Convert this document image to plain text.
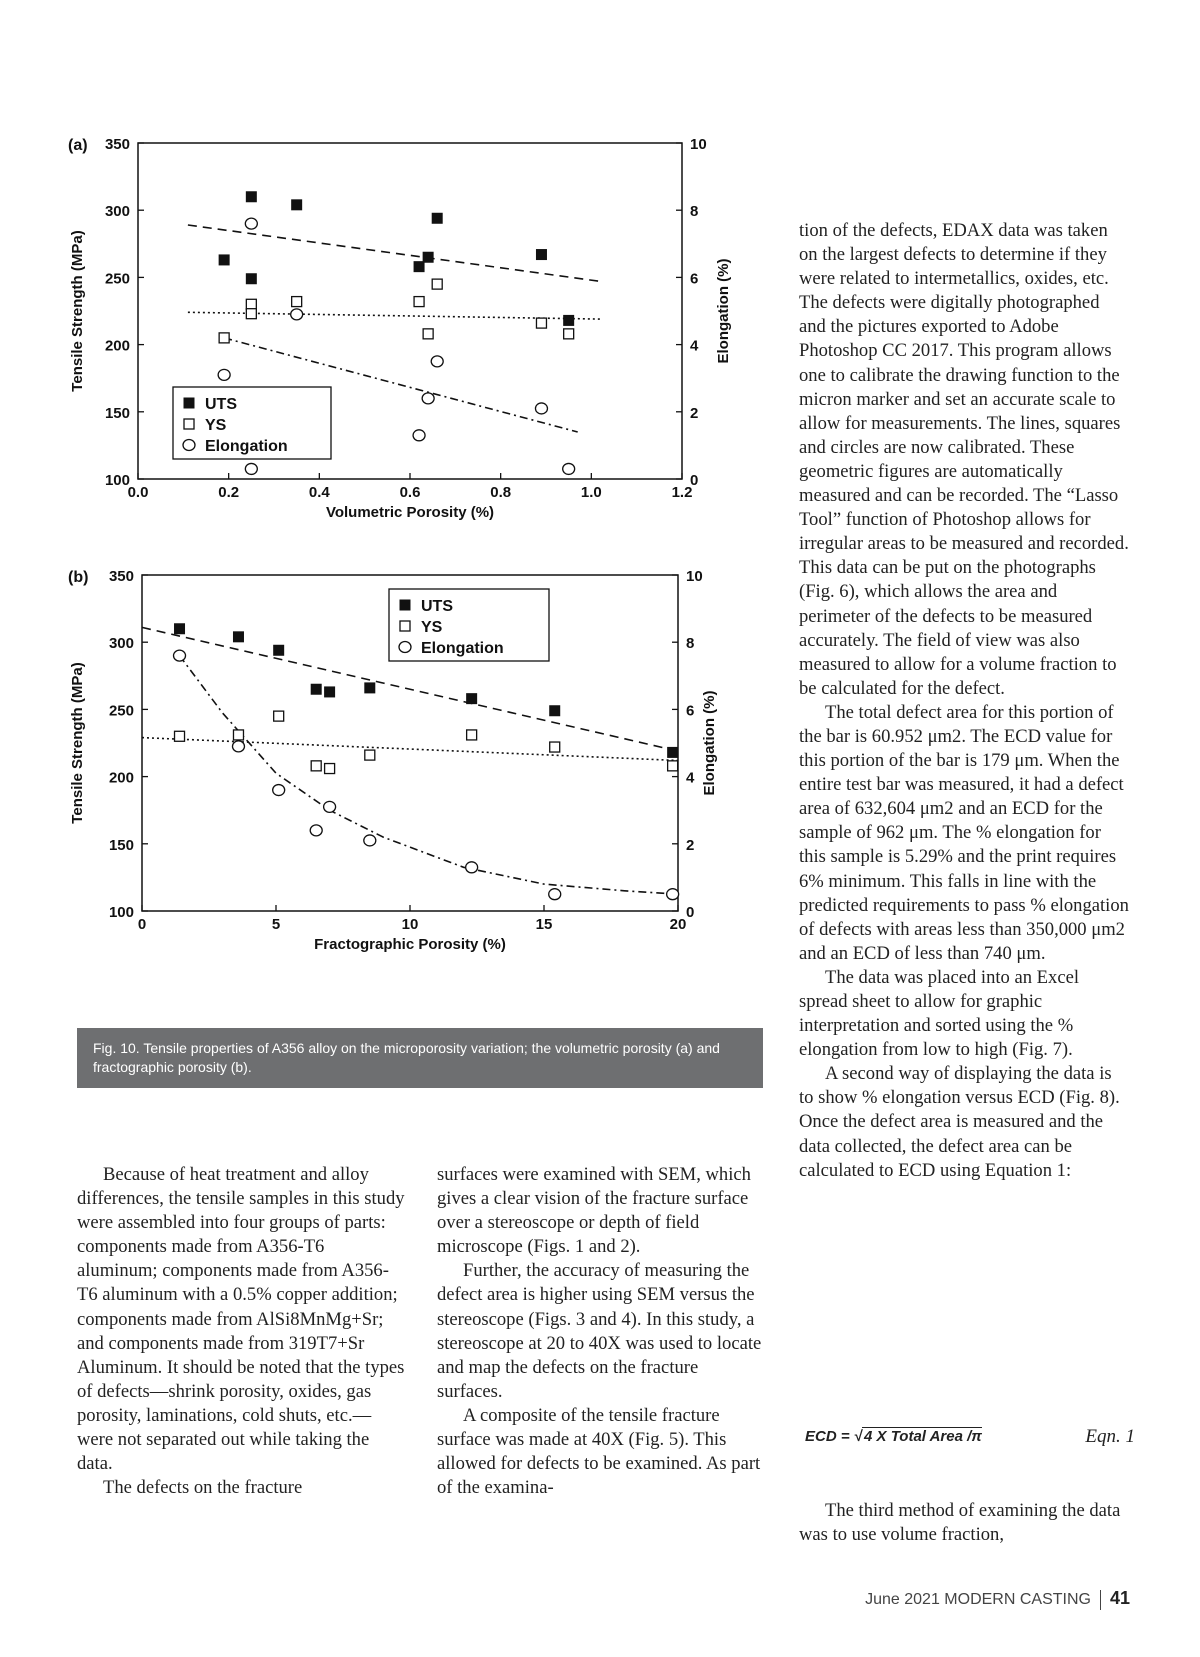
(a)
100
150
200
250
300
350
0
2
4
6
8
10
0.0	0.2	0.4	0.6	0.8	1.0	1.2
Volumetric Porosity (%)
Tensile Strength (MPa)	Elongation (%)
UTS
YS
Elongation
(b)
100
150
200
250
300
350
0
2
4
6
8
10
0	5	10	15	20
Fractographic Porosity (%)
Tensile Strength (MPa)	Elongation (%)
UTS
YS
Elongation
Fig. 10. Tensile properties of A356 alloy on the microporosity variation; the volumetric porosity (a) and fractographic porosity (b).

Because of heat treatment and alloy differences, the tensile samples in this study were assembled into four groups of parts: components made from A356-T6 aluminum; components made from A356-T6 aluminum with a 0.5% copper addition; components made from AlSi8MnMg+Sr; and components made from 319T7+Sr Aluminum. It should be noted that the types of defects—shrink porosity, oxides, gas porosity, laminations, cold shuts, etc.—were not separated out while taking the data.

The defects on the fracture

surfaces were examined with SEM, which gives a clear vision of the fracture surface over a stereoscope or depth of field microscope (Figs. 1 and 2).

Further, the accuracy of measuring the defect area is higher using SEM versus the stereoscope (Figs. 3 and 4). In this study, a stereoscope at 20 to 40X was used to locate and map the defects on the fracture surfaces.

A composite of the tensile fracture surface was made at 40X (Fig. 5). This allowed for defects to be examined. As part of the examina-

tion of the defects, EDAX data was taken on the largest defects to determine if they were related to intermetallics, oxides, etc. The defects were digitally photographed and the pictures exported to Adobe Photoshop CC 2017. This program allows one to calibrate the drawing function to the micron marker and set an accurate scale to allow for measurements. The lines, squares and circles are now calibrated. These geometric figures are automatically measured and can be recorded. The “Lasso Tool” function of Photoshop allows for irregular areas to be measured and recorded. This data can be put on the photographs (Fig. 6), which allows the area and perimeter of the defects to be measured accurately. The field of view was also measured to allow for a volume fraction to be calculated for the defect.

The total defect area for this portion of the bar is 60.952 μm2. The ECD value for this portion of the bar is 179 μm. When the entire test bar was measured, it had a defect area of 632,604 μm2 and an ECD for the sample of 962 μm. The % elongation for this sample is 5.29% and the print requires 6% minimum. This falls in line with the predicted requirements to pass % elongation of defects with areas less than 350,000 μm2 and an ECD of less than 740 μm.

The data was placed into an Excel spread sheet to allow for graphic interpretation and sorted using the % elongation from low to high (Fig. 7).

A second way of displaying the data is to show % elongation versus ECD (Fig. 8). Once the defect area is measured and the data collected, the defect area can be calculated to ECD using Equation 1:

ECD = √ 4 X Total Area /π	Eqn. 1

The third method of examining the data was to use volume fraction,

June 2021 MODERN CASTING 41
